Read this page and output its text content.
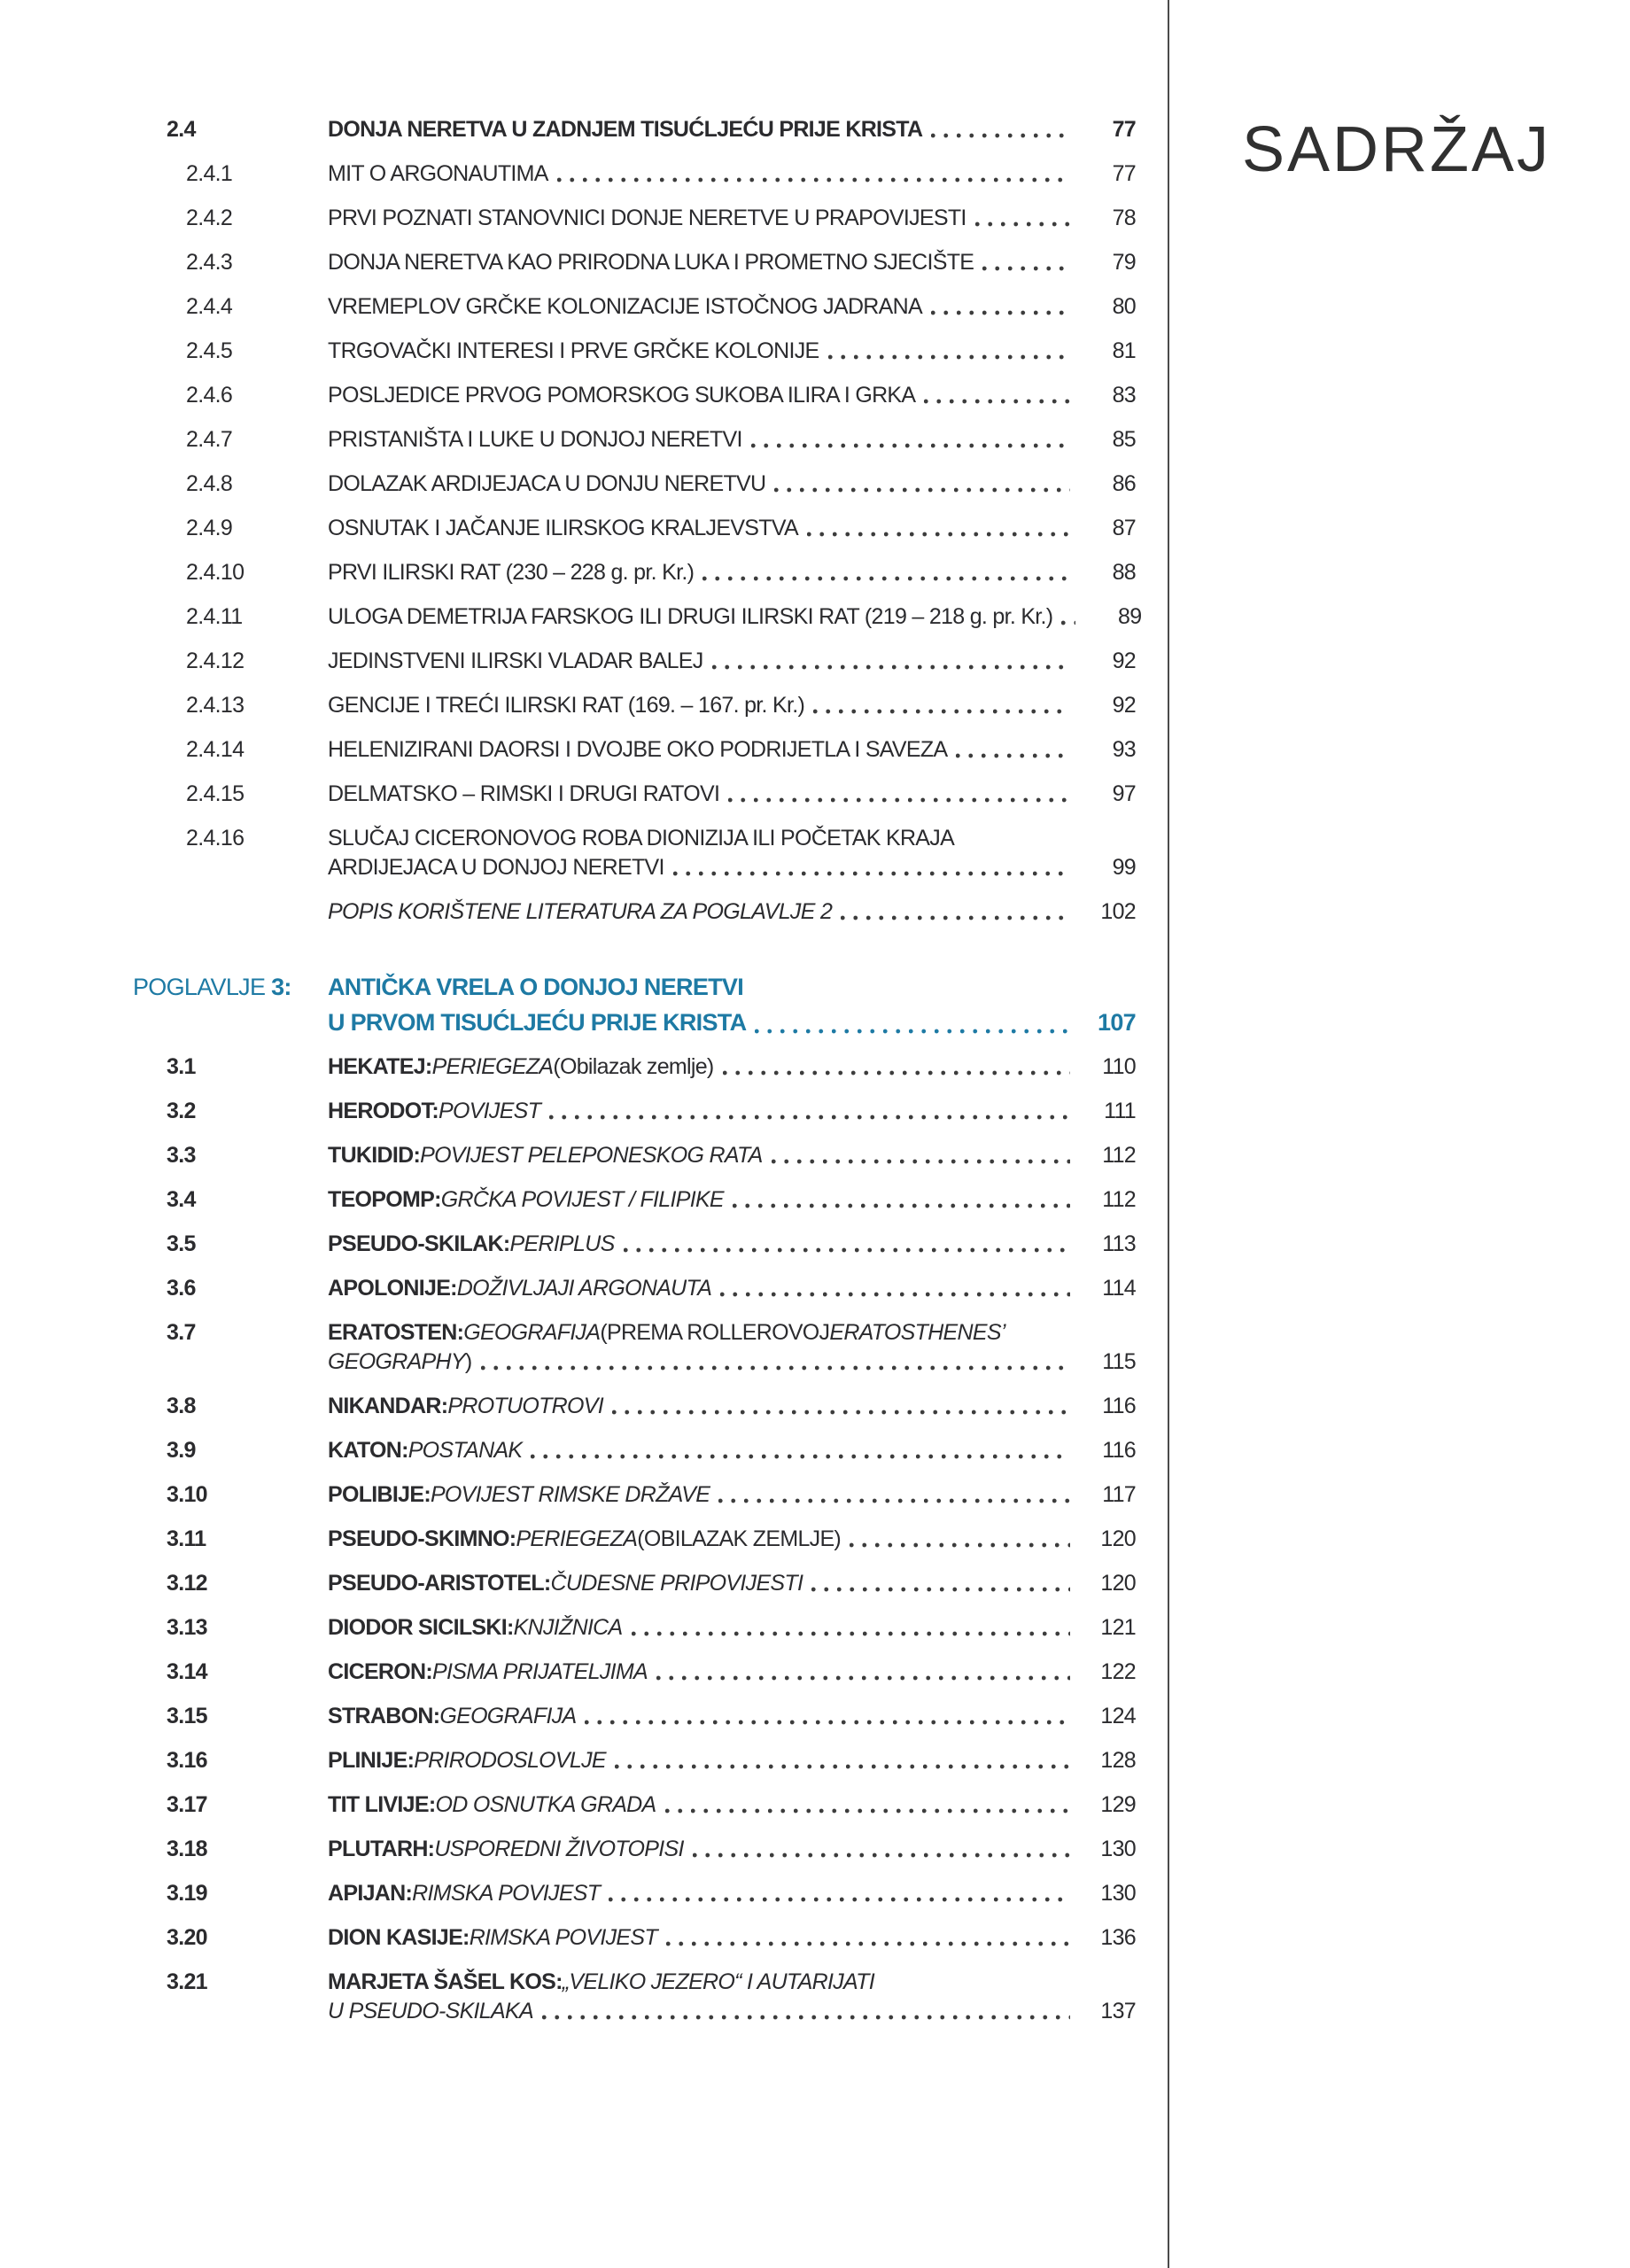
SADRŽAJ
2.4	DONJA NERETVA U ZADNJEM TISUĆLJEĆU PRIJE KRISTA	77
2.4.1	MIT O ARGONAUTIMA	77
2.4.2	PRVI POZNATI STANOVNICI DONJE NERETVE U PRAPOVIJESTI	78
2.4.3	DONJA NERETVA KAO PRIRODNA LUKA I PROMETNO SJECIŠTE	79
2.4.4	VREMEPLOV GRČKE KOLONIZACIJE ISTOČNOG JADRANA	80
2.4.5	TRGOVAČKI INTERESI I PRVE GRČKE KOLONIJE	81
2.4.6	POSLJEDICE PRVOG POMORSKOG SUKOBA ILIRA I GRKA	83
2.4.7	PRISTANIŠTA I LUKE U DONJOJ NERETVI	85
2.4.8	DOLAZAK ARDIJEJACA U DONJU NERETVU	86
2.4.9	OSNUTAK I JAČANJE ILIRSKOG KRALJEVSTVA	87
2.4.10	PRVI ILIRSKI RAT (230 – 228 g. pr. Kr.)	88
2.4.11	ULOGA DEMETRIJA FARSKOG ILI DRUGI ILIRSKI RAT (219 – 218 g. pr. Kr.)	89
2.4.12	JEDINSTVENI ILIRSKI VLADAR BALEJ	92
2.4.13	GENCIJE I TREĆI ILIRSKI RAT (169. – 167. pr. Kr.)	92
2.4.14	HELENIZIRANI DAORSI I DVOJBE OKO PODRIJETLA I SAVEZA	93
2.4.15	DELMATSKO – RIMSKI I DRUGI RATOVI	97
2.4.16	SLUČAJ CICERONOVOG ROBA DIONIZIJA ILI POČETAK KRAJA
ARDIJEJACA U DONJOJ NERETVI	99
POPIS KORIŠTENE LITERATURA ZA POGLAVLJE 2	102
POGLAVLJE 3:	ANTIČKA VRELA O DONJOJ NERETVI
U PRVOM TISUĆLJEĆU PRIJE KRISTA	107
3.1	HEKATEJ: PERIEGEZA (Obilazak zemlje)	110
3.2	HERODOT: POVIJEST	111
3.3	TUKIDID: POVIJEST PELEPONESKOG RATA	112
3.4	TEOPOMP: GRČKA POVIJEST / FILIPIKE	112
3.5	PSEUDO-SKILAK: PERIPLUS	113
3.6	APOLONIJE: DOŽIVLJAJI ARGONAUTA	114
3.7	ERATOSTEN: GEOGRAFIJA (PREMA ROLLEROVOJ ERATOSTHENES’
GEOGRAPHY )	115
3.8	NIKANDAR: PROTUOTROVI	116
3.9	KATON: POSTANAK	116
3.10	POLIBIJE: POVIJEST RIMSKE DRŽAVE	117
3.11	PSEUDO-SKIMNO: PERIEGEZA (OBILAZAK ZEMLJE)	120
3.12	PSEUDO-ARISTOTEL: ČUDESNE PRIPOVIJESTI	120
3.13	DIODOR SICILSKI: KNJIŽNICA	121
3.14	CICERON: PISMA PRIJATELJIMA	122
3.15	STRABON: GEOGRAFIJA	124
3.16	PLINIJE: PRIRODOSLOVLJE	128
3.17	TIT LIVIJE: OD OSNUTKA GRADA	129
3.18	PLUTARH: USPOREDNI ŽIVOTOPISI	130
3.19	APIJAN: RIMSKA POVIJEST	130
3.20	DION KASIJE: RIMSKA POVIJEST	136
3.21	MARJETA ŠAŠEL KOS: „VELIKO JEZERO“ I AUTARIJATI
U PSEUDO-SKILAKA	137
